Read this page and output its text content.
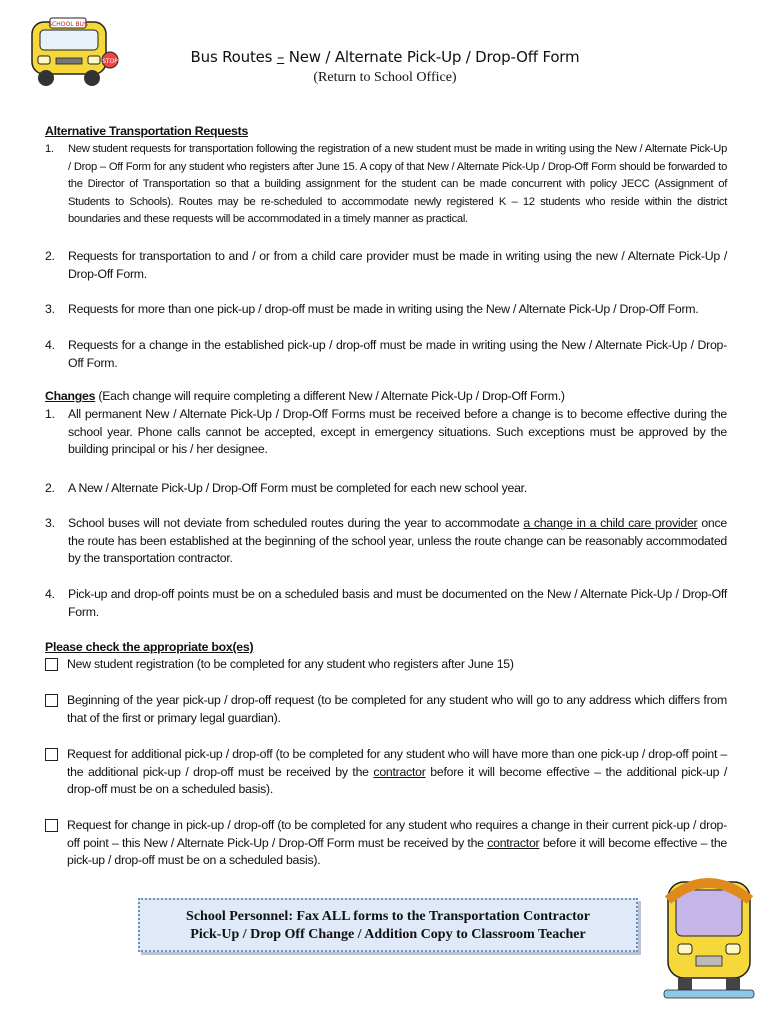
SCHOOL BUS
STOP	Bus Routes – New / Alternate Pick-Up / Drop-Off Form
(Return to School Office)
Alternative Transportation Requests
1.	New student requests for transportation following the registration of a new student must be made in writing using the New / Alternate Pick-Up / Drop – Off Form for any student who registers after June 15. A copy of that New / Alternate Pick-Up / Drop-Off Form should be forwarded to the Director of Transportation so that a building assignment for the student can be made concurrent with policy JECC (Assignment of Students to Schools). Routes may be re-scheduled to accommodate newly registered K – 12 students who reside within the district boundaries and these requests will be accommodated in a timely manner as practical.
2.	Requests for transportation to and / or from a child care provider must be made in writing using the new / Alternate Pick-Up / Drop-Off Form.
3.	Requests for more than one pick-up / drop-off must be made in writing using the New / Alternate Pick-Up / Drop-Off Form.
4.	Requests for a change in the established pick-up / drop-off must be made in writing using the New / Alternate Pick-Up / Drop-Off Form.
Changes (Each change will require completing a different New / Alternate Pick-Up / Drop-Off Form.)
1.	All permanent New / Alternate Pick-Up / Drop-Off Forms must be received before a change is to become effective during the school year. Phone calls cannot be accepted, except in emergency situations. Such exceptions must be approved by the building principal or his / her designee.
2.	A New / Alternate Pick-Up / Drop-Off Form must be completed for each new school year.
3.	School buses will not deviate from scheduled routes during the year to accommodate a change in a child care provider once the route has been established at the beginning of the school year, unless the route change can be reasonably accommodated by the transportation contractor.
4.	Pick-up and drop-off points must be on a scheduled basis and must be documented on the New / Alternate Pick-Up / Drop-Off Form.
Please check the appropriate box(es)
New student registration (to be completed for any student who registers after June 15)
Beginning of the year pick-up / drop-off request (to be completed for any student who will go to any address which differs from that of the first or primary legal guardian).
Request for additional pick-up / drop-off (to be completed for any student who will have more than one pick-up / drop-off point – the additional pick-up / drop-off must be received by the contractor before it will become effective – the additional pick-up / drop-off must be on a scheduled basis).
Request for change in pick-up / drop-off (to be completed for any student who requires a change in their current pick-up / drop-off point – this New / Alternate Pick-Up / Drop-Off Form must be received by the contractor before it will become effective – the pick-up / drop-off must be on a scheduled basis).
School Personnel: Fax ALL forms to the Transportation Contractor
Pick-Up / Drop Off Change / Addition Copy to Classroom Teacher
